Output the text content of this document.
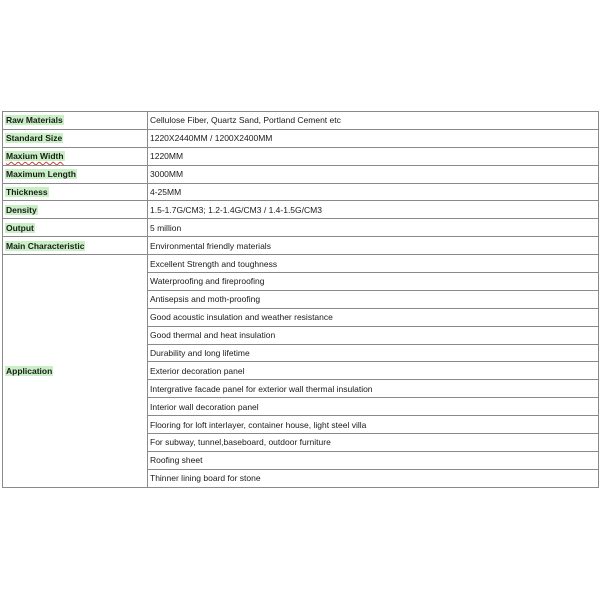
Raw Materials	Cellulose Fiber, Quartz Sand, Portland Cement etc
Standard Size	1220X2440MM / 1200X2400MM
Maxium Width	1220MM
Maximum Length	3000MM
Thickness	4-25MM
Density	1.5-1.7G/CM3; 1.2-1.4G/CM3 / 1.4-1.5G/CM3
Output	5 million
Main Characteristic	Environmental friendly materials
Application	Excellent Strength and toughness
	Waterproofing and fireproofing
	Antisepsis and moth-proofing
	Good acoustic insulation and weather resistance
	Good thermal and heat insulation
	Durability and long lifetime
	Exterior decoration panel
	Intergrative facade panel for exterior wall thermal insulation
	Interior wall decoration panel
	Flooring for loft interlayer, container house, light steel villa
	For subway, tunnel,baseboard, outdoor furniture
	Roofing sheet
	Thinner lining board for stone
